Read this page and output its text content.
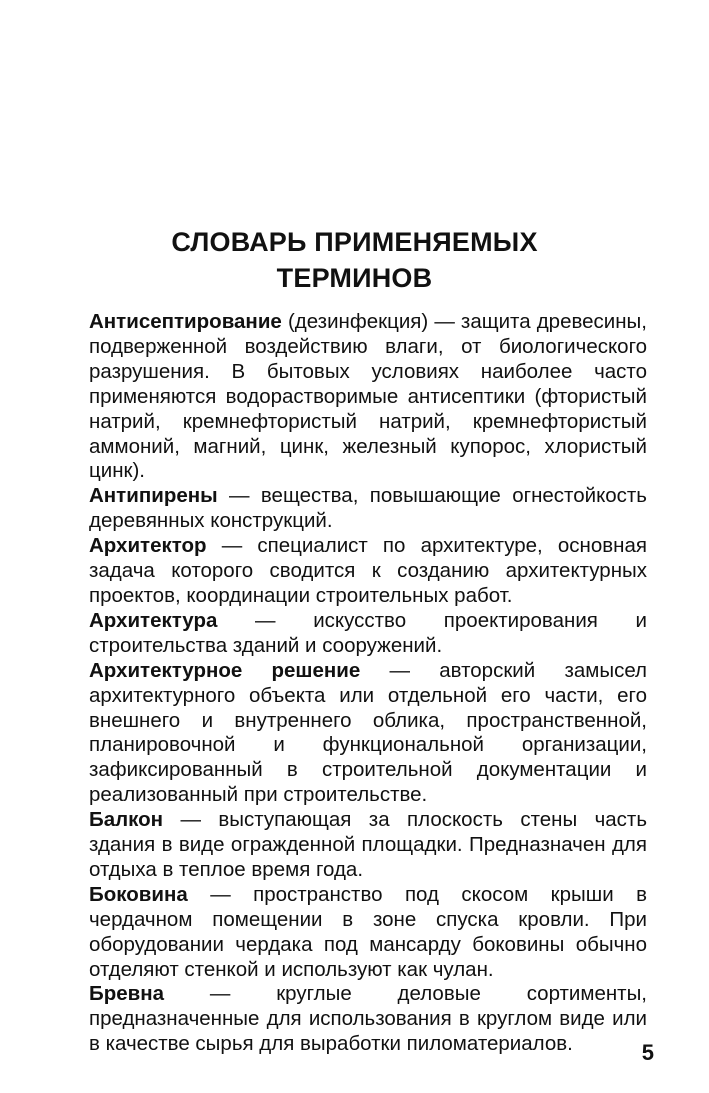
СЛОВАРЬ ПРИМЕНЯЕМЫХ
ТЕРМИНОВ

Антисептирование (дезинфекция) — защита древесины, подверженной воздействию влаги, от биологического разрушения. В бытовых условиях наиболее часто применяются водорастворимые антисептики (фтористый натрий, кремнефтористый натрий, кремнефтористый аммоний, магний, цинк, железный купорос, хлористый цинк).

Антипирены — вещества, повышающие огнестойкость деревянных конструкций.

Архитектор — специалист по архитектуре, основная задача которого сводится к созданию архитектурных проектов, координации строительных работ.

Архитектура — искусство проектирования и строительства зданий и сооружений.

Архитектурное решение — авторский замысел архитектурного объекта или отдельной его части, его внешнего и внутреннего облика, пространственной, планировочной и функциональной организации, зафиксированный в строительной документации и реализованный при строительстве.

Балкон — выступающая за плоскость стены часть здания в виде огражденной площадки. Предназначен для отдыха в теплое время года.

Боковина — пространство под скосом крыши в чердачном помещении в зоне спуска кровли. При оборудовании чердака под мансарду боковины обычно отделяют стенкой и используют как чулан.

Бревна — круглые деловые сортименты, предназначенные для использования в круглом виде или в качестве сырья для выработки пиломатериалов.	5
